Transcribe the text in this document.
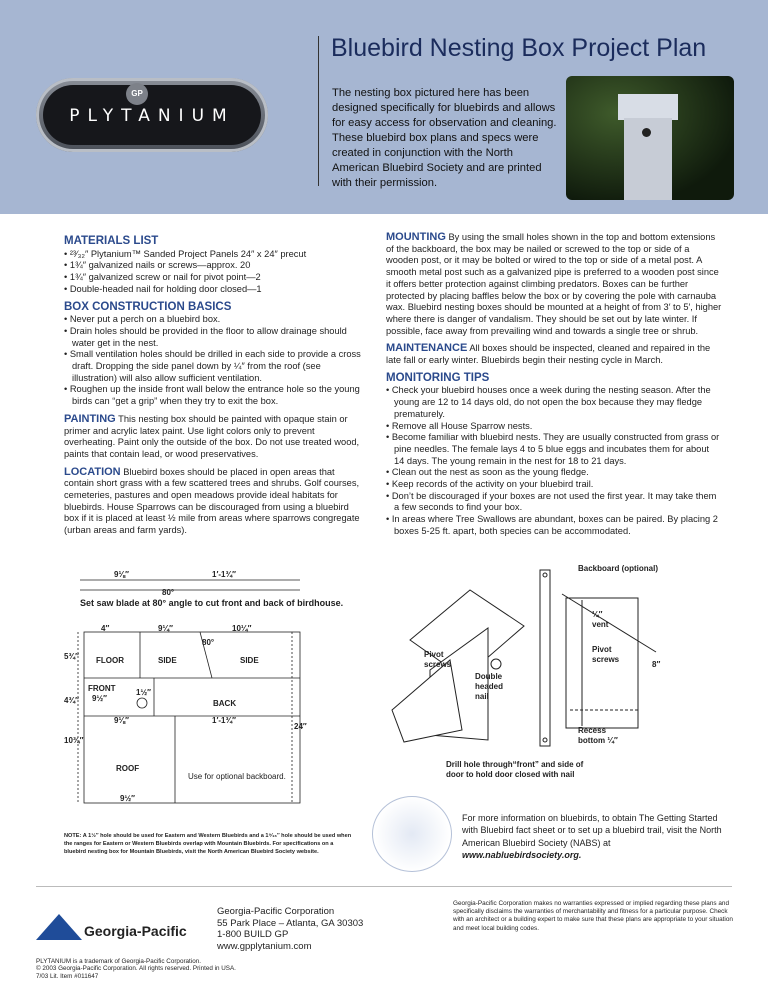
GP
PLYTANIUM
Bluebird Nesting Box Project Plan

The nesting box pictured here has been designed specifically for bluebirds and allows for easy access for observation and cleaning. These bluebird box plans and specs were created in conjunction with the North American Bluebird Society and are printed with their permission.

MATERIALS LIST
• ²³⁄₃₂″ Plytanium™ Sanded Project Panels 24″ x 24″ precut
• 1¾″ galvanized nails or screws—approx. 20
• 1¾″ galvanized screw or nail for pivot point—2
• Double-headed nail for holding door closed—1
BOX CONSTRUCTION BASICS
• Never put a perch on a bluebird box.
• Drain holes should be provided in the floor to allow drainage should water get in the nest.
• Small ventilation holes should be drilled in each side to provide a cross draft. Dropping the side panel down by ¼″ from the roof (see illustration) will also allow sufficient ventilation.
• Roughen up the inside front wall below the entrance hole so the young birds can “get a grip” when they try to exit the box.

PAINTING This nesting box should be painted with opaque stain or primer and acrylic latex paint. Use light colors only to prevent overheating. Paint only the outside of the box. Do not use treated wood, paints that contain lead, or wood preservatives.

LOCATION Bluebird boxes should be placed in open areas that contain short grass with a few scattered trees and shrubs. Golf courses, cemeteries, pastures and open meadows provide ideal habitats for bluebirds. House Sparrows can be discouraged from using a bluebird box if it is placed at least ½ mile from areas where sparrows congregate (urban areas and farm yards).

MOUNTING By using the small holes shown in the top and bottom extensions of the backboard, the box may be nailed or screwed to the top or side of a wooden post, or it may be bolted or wired to the top or side of a metal post. A smooth metal post such as a galvanized pipe is preferred to a wooden post since it offers better protection against climbing predators. Boxes can be further protected by placing baffles below the box or by covering the pole with carnauba wax. Bluebird nesting boxes should be mounted at a height of from 3′ to 5′, higher where there is danger of vandalism. They should be set out by late winter. If possible, face away from prevailing wind and towards a single tree or shrub.

MAINTENANCE All boxes should be inspected, cleaned and repaired in the late fall or early winter. Bluebirds begin their nesting cycle in March.

MONITORING TIPS
• Check your bluebird houses once a week during the nesting season. After the young are 12 to 14 days old, do not open the box because they may fledge prematurely.
• Remove all House Sparrow nests.
• Become familiar with bluebird nests. They are usually constructed from grass or pine needles. The female lays 4 to 5 blue eggs and incubates them for about 14 days. The young remain in the nest for 18 to 21 days.
• Clean out the nest as soon as the young fledge.
• Keep records of the activity on your bluebird trail.
• Don’t be discouraged if your boxes are not used the first year. It may take them a few seconds to find your box.
• In areas where Tree Swallows are abundant, boxes can be paired. By placing 2 boxes 5-25 ft. apart, both species can be accommodated.
9⅛″	1′-1¾″
80°
Set saw blade at 80° angle to cut front and back of birdhouse.
4″	9¼″	10¼″
80°
FLOOR	SIDE	SIDE
FRONT
9½″
1½″
BACK
9⅛″	1′-1¾″
24″
5¾″
4¾″
10¾″
ROOF
Use for optional backboard.
9½″
NOTE: A 1½″ hole should be used for Eastern and Western Bluebirds and a 1⁹⁄₁₆″ hole should be used when the ranges for Eastern or Western Bluebirds overlap with Mountain Bluebirds. For specifications on a bluebird nesting box for Mountain Bluebirds, visit the North American Bluebird Society website.
Backboard (optional)
¼″ vent
Pivot screws
Pivot screws
Double headed nail
8″
Recess bottom ¼″
Drill hole through“front” and side of door to hold door closed with nail

For more information on bluebirds, to obtain The Getting Started with Bluebird fact sheet or to set up a bluebird trail, visit the North American Bluebird Society (NABS) at www.nabluebirdsociety.org.

Georgia-Pacific
Georgia-Pacific Corporation
55 Park Place – Atlanta, GA 30303
1-800 BUILD GP
www.gpplytanium.com

Georgia-Pacific Corporation makes no warranties expressed or implied regarding these plans and specifically disclaims the warranties of merchantability and fitness for a particular purpose. Check with an architect or a building expert to make sure that these plans are appropriate to your situation and meet local building codes.

PLYTANIUM is a trademark of Georgia-Pacific Corporation.
© 2003 Georgia-Pacific Corporation. All rights reserved. Printed in USA.
7/03 Lit. Item #011647
